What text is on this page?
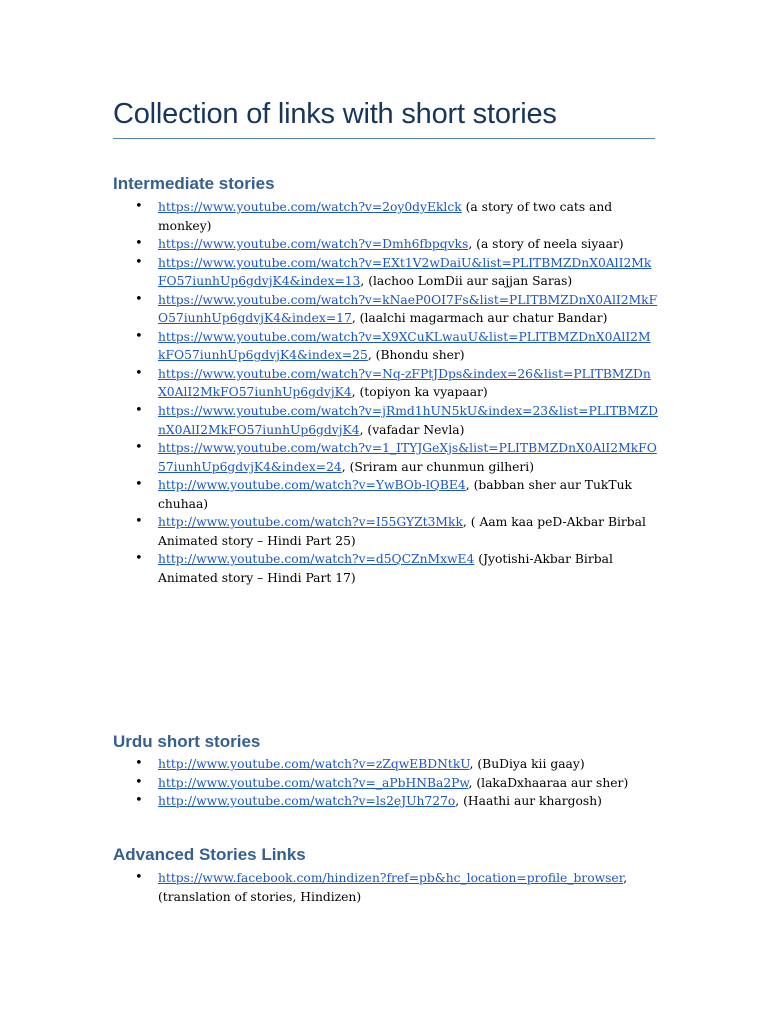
Collection of links with short stories
Intermediate stories
• https://www.youtube.com/watch?v=2oy0dyEklck (a story of two cats and monkey)
• https://www.youtube.com/watch?v=Dmh6fbpqvks, (a story of neela siyaar)
• https://www.youtube.com/watch?v=EXt1V2wDaiU&list=PLITBMZDnX0AlI2MkFO57iunhUp6gdvjK4&index=13, (lachoo LomDii aur sajjan Saras)
• https://www.youtube.com/watch?v=kNaeP0OI7Fs&list=PLITBMZDnX0AlI2MkFO57iunhUp6gdvjK4&index=17, (laalchi magarmach aur chatur Bandar)
• https://www.youtube.com/watch?v=X9XCuKLwauU&list=PLITBMZDnX0AlI2MkFO57iunhUp6gdvjK4&index=25, (Bhondu sher)
• https://www.youtube.com/watch?v=Nq-zFPtJDps&index=26&list=PLITBMZDnX0AlI2MkFO57iunhUp6gdvjK4, (topiyon ka vyapaar)
• https://www.youtube.com/watch?v=jRmd1hUN5kU&index=23&list=PLITBMZDnX0AlI2MkFO57iunhUp6gdvjK4, (vafadar Nevla)
• https://www.youtube.com/watch?v=1_ITYJGeXjs&list=PLITBMZDnX0AlI2MkFO57iunhUp6gdvjK4&index=24, (Sriram aur chunmun gilheri)
• http://www.youtube.com/watch?v=YwBOb-lQBE4, (babban sher aur TukTuk chuhaa)
• http://www.youtube.com/watch?v=I55GYZt3Mkk, ( Aam kaa peD-Akbar Birbal Animated story – Hindi Part 25)
• http://www.youtube.com/watch?v=d5QCZnMxwE4 (Jyotishi-Akbar Birbal Animated story – Hindi Part 17)
Urdu short stories
• http://www.youtube.com/watch?v=zZqwEBDNtkU, (BuDiya kii gaay)
• http://www.youtube.com/watch?v=_aPbHNBa2Pw, (lakaDxhaaraa aur sher)
• http://www.youtube.com/watch?v=ls2eJUh727o, (Haathi aur khargosh)
Advanced Stories Links
• https://www.facebook.com/hindizen?fref=pb&hc_location=profile_browser, (translation of stories, Hindizen)
